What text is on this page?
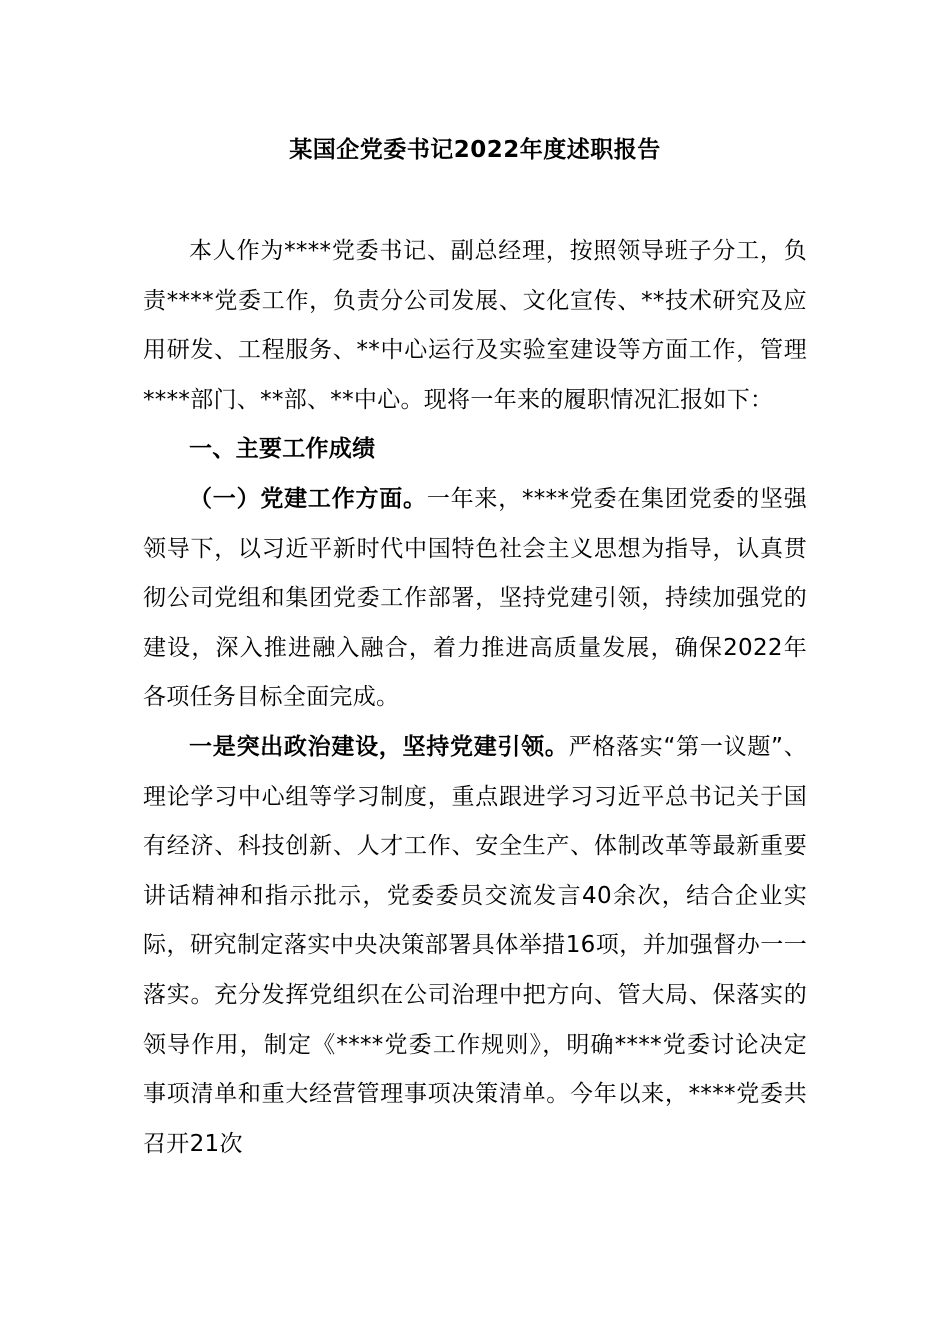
某国企党委书记2022年度述职报告

本人作为****党委书记、副总经理，按照领导班子分工，负责****党委工作，负责分公司发展、文化宣传、**技术研究及应用研发、工程服务、**中心运行及实验室建设等方面工作，管理****部门、**部、**中心。现将一年来的履职情况汇报如下：

一、主要工作成绩

（一）党建工作方面。一年来，****党委在集团党委的坚强领导下，以习近平新时代中国特色社会主义思想为指导，认真贯彻公司党组和集团党委工作部署，坚持党建引领，持续加强党的建设，深入推进融入融合，着力推进高质量发展，确保2022年各项任务目标全面完成。

一是突出政治建设，坚持党建引领。严格落实“第一议题”、理论学习中心组等学习制度，重点跟进学习习近平总书记关于国有经济、科技创新、人才工作、安全生产、体制改革等最新重要讲话精神和指示批示，党委委员交流发言40余次，结合企业实际，研究制定落实中央决策部署具体举措16项，并加强督办一一落实。充分发挥党组织在公司治理中把方向、管大局、保落实的领导作用，制定《****党委工作规则》，明确****党委讨论决定事项清单和重大经营管理事项决策清单。今年以来，****党委共召开21次
